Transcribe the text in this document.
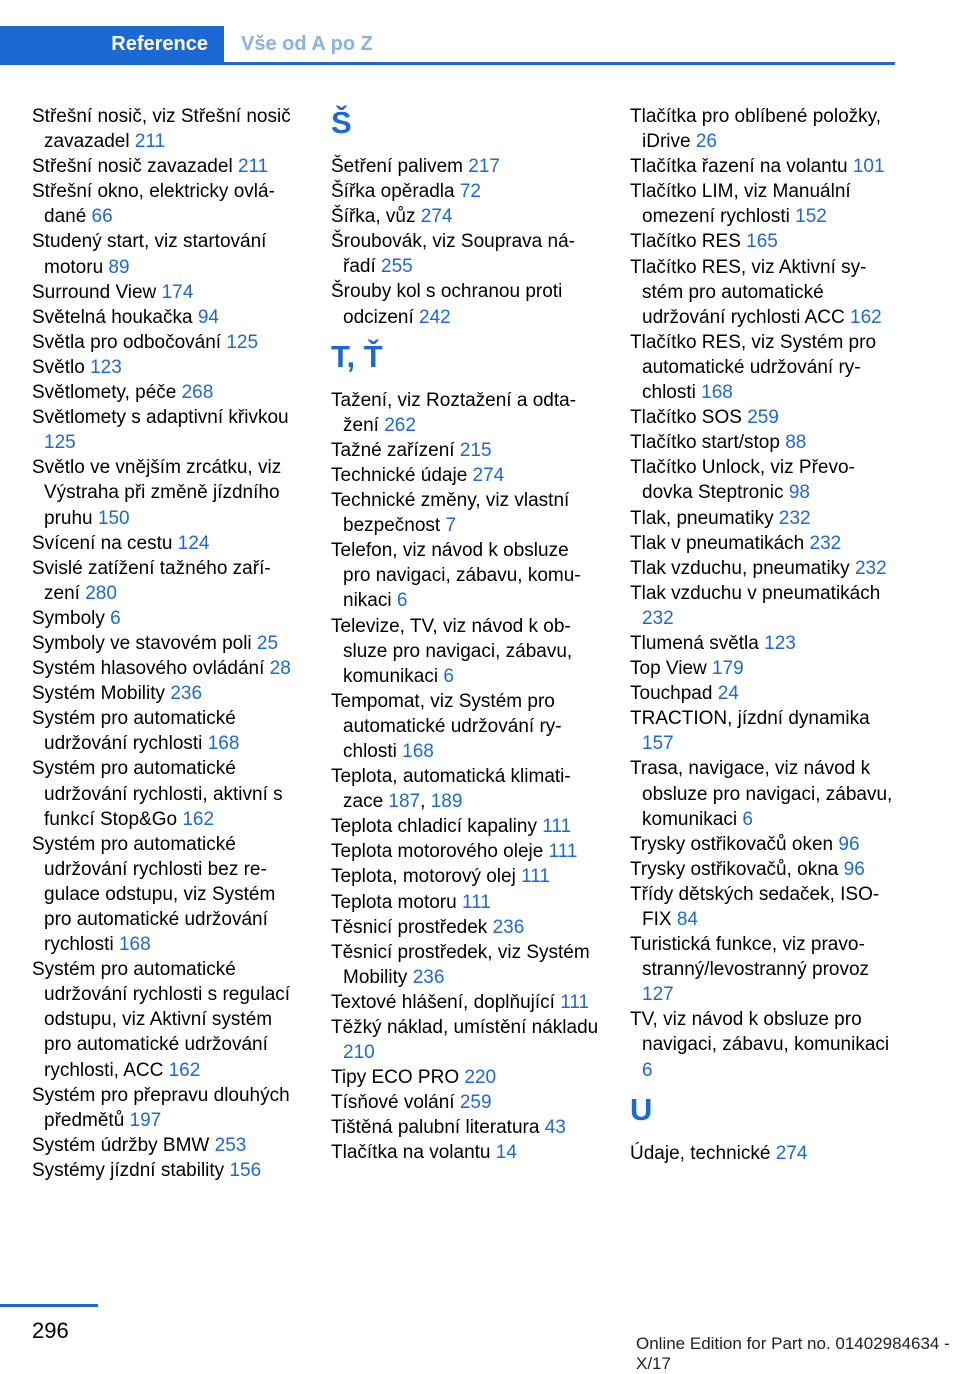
Reference Vše od A po Z
Střešní nosič, viz Střešní nosič zavazadel 211
Střešní nosič zavazadel 211
Střešní okno, elektricky ovládané 66
Studený start, viz startování motoru 89
Surround View 174
Světelná houkačka 94
Světla pro odbočování 125
Světlo 123
Světlomety, péče 268
Světlomety s adaptivní křivkou 125
Světlo ve vnějším zrcátku, viz Výstraha při změně jízdního pruhu 150
Svícení na cestu 124
Svislé zatížení tažného zařízení 280
Symboly 6
Symboly ve stavovém poli 25
Systém hlasového ovládání 28
Systém Mobility 236
Systém pro automatické udržování rychlosti 168
Systém pro automatické udržování rychlosti, aktivní s funkcí Stop&Go 162
Systém pro automatické udržování rychlosti bez regulace odstupu, viz Systém pro automatické udržování rychlosti 168
Systém pro automatické udržování rychlosti s regulací odstupu, viz Aktivní systém pro automatické udržování rychlosti, ACC 162
Systém pro přepravu dlouhých předmětů 197
Systém údržby BMW 253
Systémy jízdní stability 156
Š
Šetření palivem 217
Šířka opěradla 72
Šířka, vůz 274
Šroubovák, viz Souprava nářadí 255
Šrouby kol s ochranou proti odcizení 242
T, Ť
Tažení, viz Roztažení a odtažení 262
Tažné zařízení 215
Technické údaje 274
Technické změny, viz vlastní bezpečnost 7
Telefon, viz návod k obsluze pro navigaci, zábavu, komunikaci 6
Televize, TV, viz návod k obsluze pro navigaci, zábavu, komunikaci 6
Tempomat, viz Systém pro automatické udržování rychlosti 168
Teplota, automatická klimatizace 187, 189
Teplota chladicí kapaliny 111
Teplota motorového oleje 111
Teplota, motorový olej 111
Teplota motoru 111
Těsnicí prostředek 236
Těsnicí prostředek, viz Systém Mobility 236
Textové hlášení, doplňující 111
Těžký náklad, umístění nákladu 210
Tipy ECO PRO 220
Tísňové volání 259
Tištěná palubní literatura 43
Tlačítka na volantu 14
Tlačítka pro oblíbené položky, iDrive 26
Tlačítka řazení na volantu 101
Tlačítko LIM, viz Manuální omezení rychlosti 152
Tlačítko RES 165
Tlačítko RES, viz Aktivní systém pro automatické udržování rychlosti ACC 162
Tlačítko RES, viz Systém pro automatické udržování rychlosti 168
Tlačítko SOS 259
Tlačítko start/stop 88
Tlačítko Unlock, viz Převodovka Steptronic 98
Tlak, pneumatiky 232
Tlak v pneumatikách 232
Tlak vzduchu, pneumatiky 232
Tlak vzduchu v pneumatikách 232
Tlumená světla 123
Top View 179
Touchpad 24
TRACTION, jízdní dynamika 157
Trasa, navigace, viz návod k obsluze pro navigaci, zábavu, komunikaci 6
Trysky ostřikovačů oken 96
Trysky ostřikovačů, okna 96
Třídy dětských sedaček, ISOFIX 84
Turistická funkce, viz pravostranný/levostranný provoz 127
TV, viz návod k obsluze pro navigaci, zábavu, komunikaci 6
U
Údaje, technické 274
296
Online Edition for Part no. 01402984634 - X/17
